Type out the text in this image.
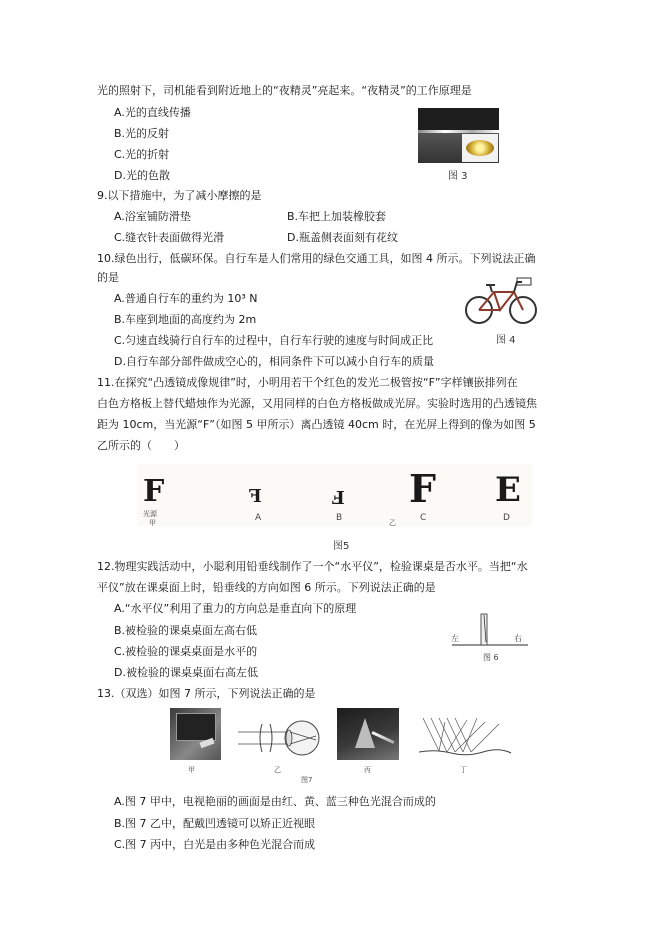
光的照射下，司机能看到附近地上的“夜精灵”亮起来。“夜精灵”的工作原理是
A.光的直线传播
B.光的反射
C.光的折射
D.光的色散	图 3
9.以下措施中，为了减小摩擦的是
A.浴室铺防滑垫	B.车把上加装橡胶套
C.缝衣针表面做得光滑	D.瓶盖侧表面刻有花纹
10.绿色出行，低碳环保。自行车是人们常用的绿色交通工具，如图 4 所示。下列说法正确
的是
A.普通自行车的重约为 10³ N
B.车座到地面的高度约为 2m
C.匀速直线骑行自行车的过程中，自行车行驶的速度与时间成正比
D.自行车部分部件做成空心的，相同条件下可以减小自行车的质量
图 4
11.在探究“凸透镜成像规律”时，小明用若干个红色的发光二极管按“F”字样镶嵌排列在
白色方格板上替代蜡烛作为光源，又用同样的白色方格板做成光屏。实验时选用的凸透镜焦
距为 10cm，当光源“F”（如图 5 甲所示）离凸透镜 40cm 时，在光屏上得到的像为如图 5
乙所示的（　　）
F
光源
甲
F
A
F
B	乙
F
C
E
D
图5
12.物理实践活动中，小聪利用铅垂线制作了一个“水平仪”，检验课桌是否水平。当把“水
平仪”放在课桌面上时，铅垂线的方向如图 6 所示。下列说法正确的是
A.“水平仪”利用了重力的方向总是垂直向下的原理
B.被检验的课桌桌面左高右低
C.被检验的课桌桌面是水平的
D.被检验的课桌桌面右高左低
左	右
图 6
13.（双选）如图 7 所示，下列说法正确的是
甲	乙	丙	丁
图7
A.图 7 甲中，电视艳丽的画面是由红、黄、蓝三种色光混合而成的
B.图 7 乙中，配戴凹透镜可以矫正近视眼
C.图 7 丙中，白光是由多种色光混合而成
